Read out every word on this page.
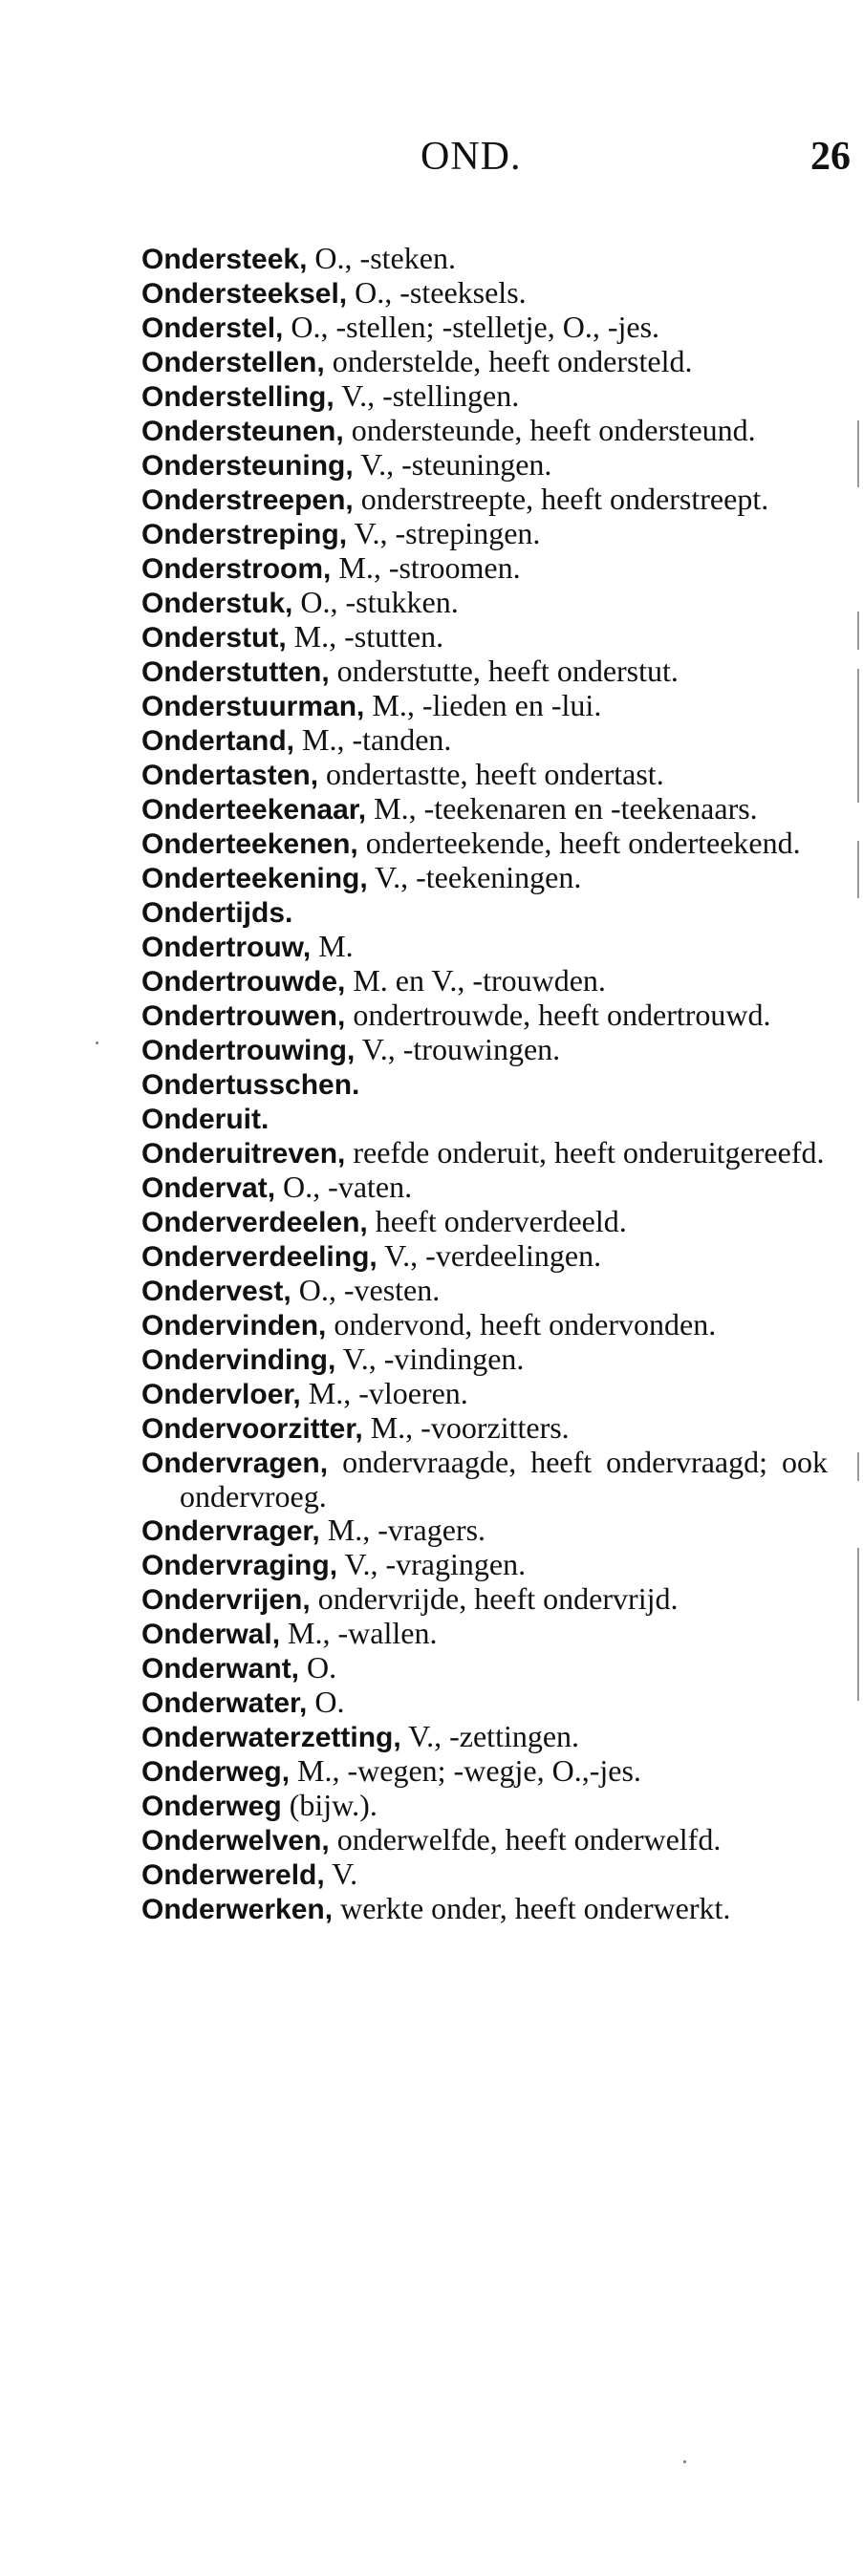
OND.	26
Ondersteek, O., -steken.
Ondersteeksel, O., -steeksels.
Onderstel, O., -stellen; -stelletje, O., -jes.
Onderstellen, onderstelde, heeft ondersteld.
Onderstelling, V., -stellingen.
Ondersteunen, ondersteunde, heeft ondersteund.
Ondersteuning, V., -steuningen.
Onderstreepen, onderstreepte, heeft onderstreept.
Onderstreping, V., -strepingen.
Onderstroom, M., -stroomen.
Onderstuk, O., -stukken.
Onderstut, M., -stutten.
Onderstutten, onderstutte, heeft onderstut.
Onderstuurman, M., -lieden en -lui.
Ondertand, M., -tanden.
Ondertasten, ondertastte, heeft ondertast.
Onderteekenaar, M., -teekenaren en -teekenaars.
Onderteekenen, onderteekende, heeft onderteekend.
Onderteekening, V., -teekeningen.
Ondertijds.
Ondertrouw, M.
Ondertrouwde, M. en V., -trouwden.
Ondertrouwen, ondertrouwde, heeft ondertrouwd.
Ondertrouwing, V., -trouwingen.
Ondertusschen.
Onderuit.
Onderuitreven, reefde onderuit, heeft onderuitgereefd.
Ondervat, O., -vaten.
Onderverdeelen, heeft onderverdeeld.
Onderverdeeling, V., -verdeelingen.
Ondervest, O., -vesten.
Ondervinden, ondervond, heeft ondervonden.
Ondervinding, V., -vindingen.
Ondervloer, M., -vloeren.
Ondervoorzitter, M., -voorzitters.
Ondervragen, ondervraagde, heeft ondervraagd; ook ondervroeg.
Ondervrager, M., -vragers.
Ondervraging, V., -vragingen.
Ondervrijen, ondervrijde, heeft ondervrijd.
Onderwal, M., -wallen.
Onderwant, O.
Onderwater, O.
Onderwaterzetting, V., -zettingen.
Onderweg, M., -wegen; -wegje, O.,-jes.
Onderweg (bijw.).
Onderwelven, onderwelfde, heeft onderwelfd.
Onderwereld, V.
Onderwerken, werkte onder, heeft onderwerkt.
